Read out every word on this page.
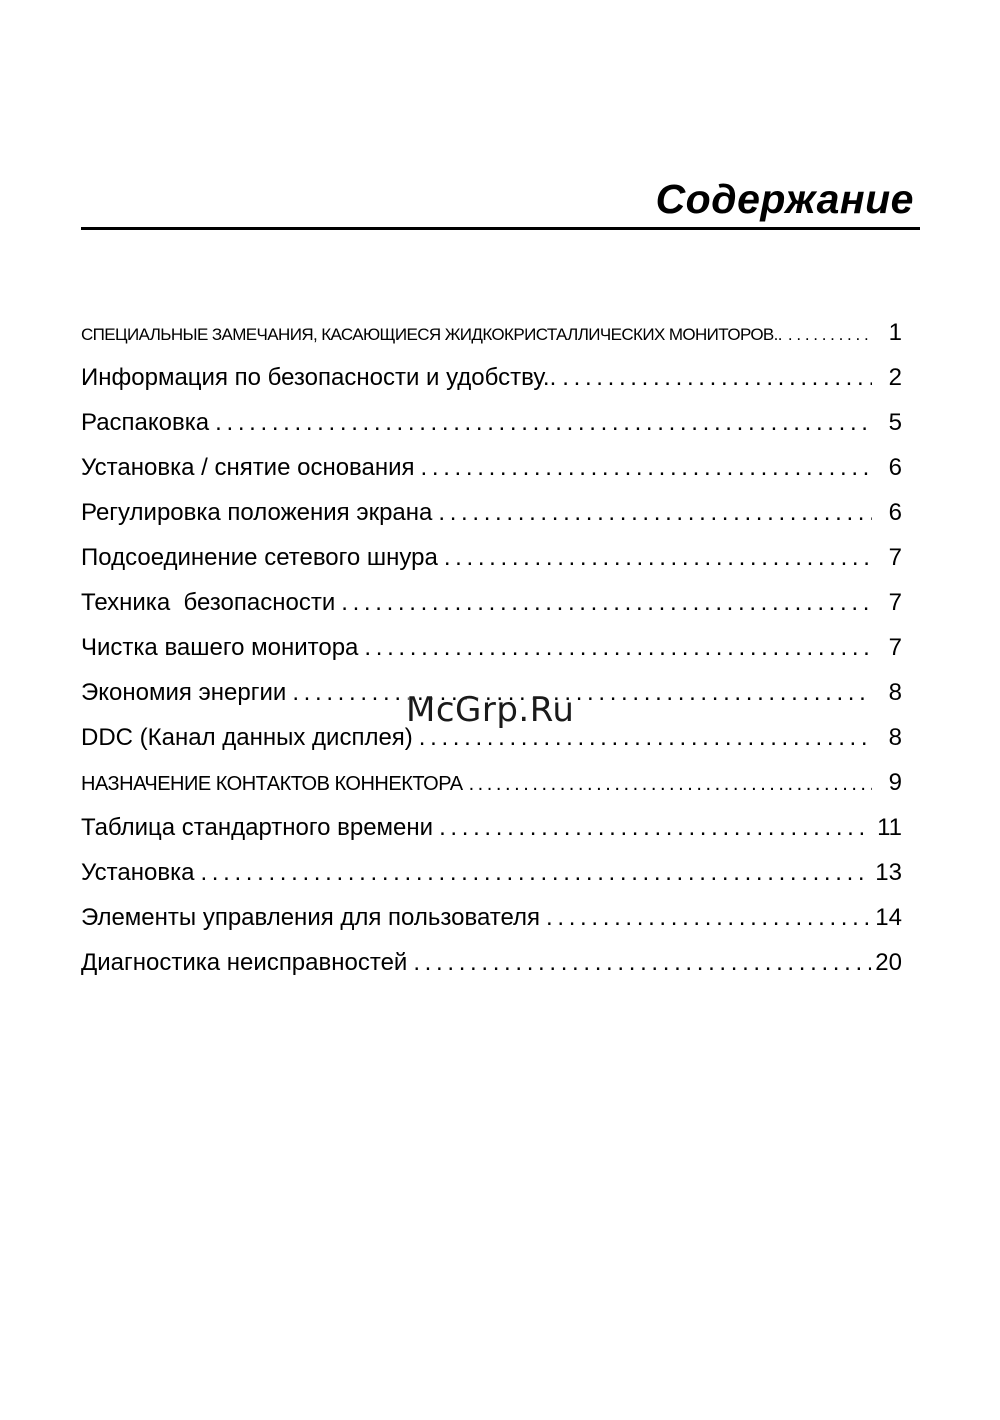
Содержание
СПЕЦИАЛЬНЫЕ ЗАМЕЧАНИЯ, КАСАЮЩИЕСЯ ЖИДКОКРИСТАЛЛИЧЕСКИХ МОНИТОРОВ.. . . .	1
Информация по безопасности и удобству.. . . .	2
Распаковка . . .	5
Установка / снятие основания . . .	6
Регулировка положения экрана . . .	6
Подсоединение сетевого шнура . . .	7
Техника  безопасности . . .	7
Чистка вашего монитора . . .	7
Экономия энергии . . .	8
DDC (Канал данных дисплея) . . .	8
НАЗНАЧЕНИЕ КОНТАКТОВ КОННЕКТОРА . . .	9
Таблица стандартного времени . . .	11
Установка . . .	13
Элементы управления для пользователя . . .	14
Диагностика неисправностей . . .	20
McGrp.Ru
